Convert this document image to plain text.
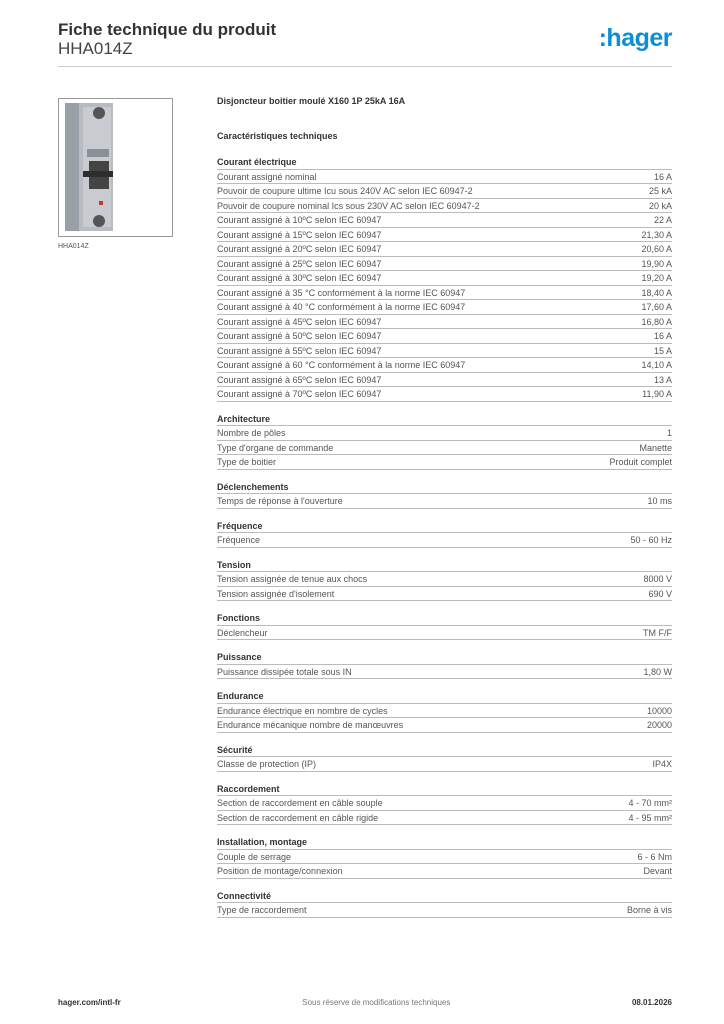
Fiche technique du produit
HHA014Z	:hager
HHA014Z
Disjoncteur boitier moulé X160 1P 25kA 16A
Caractéristiques techniques
Courant électrique
Courant assigné nominal	16 A
Pouvoir de coupure ultime Icu sous 240V AC selon IEC 60947-2	25 kA
Pouvoir de coupure nominal Ics sous 230V AC selon IEC 60947-2	20 kA
Courant assigné à 10ºC selon IEC 60947	22 A
Courant assigné à 15ºC selon IEC 60947	21,30 A
Courant assigné à 20ºC selon IEC 60947	20,60 A
Courant assigné à 25ºC selon IEC 60947	19,90 A
Courant assigné à 30ºC selon IEC 60947	19,20 A
Courant assigné à 35 °C conformément à la norme IEC 60947	18,40 A
Courant assigné à 40 °C conformément à la norme IEC 60947	17,60 A
Courant assigné à 45ºC selon IEC 60947	16,80 A
Courant assigné à 50ºC selon IEC 60947	16 A
Courant assigné à 55ºC selon IEC 60947	15 A
Courant assigné à 60 °C conformément à la norme IEC 60947	14,10 A
Courant assigné à 65ºC selon IEC 60947	13 A
Courant assigné à 70ºC selon IEC 60947	11,90 A
Architecture
Nombre de pôles	1
Type d'organe de commande	Manette
Type de boitier	Produit complet
Déclenchements
Temps de réponse à l'ouverture	10 ms
Fréquence
Fréquence	50 - 60 Hz
Tension
Tension assignée de tenue aux chocs	8000 V
Tension assignée d'isolement	690 V
Fonctions
Déclencheur	TM F/F
Puissance
Puissance dissipée totale sous IN	1,80 W
Endurance
Endurance électrique en nombre de cycles	10000
Endurance mécanique nombre de manœuvres	20000
Sécurité
Classe de protection (IP)	IP4X
Raccordement
Section de raccordement en câble souple	4 - 70 mm²
Section de raccordement en câble rigide	4 - 95 mm²
Installation, montage
Couple de serrage	6 - 6 Nm
Position de montage/connexion	Devant
Connectivité
Type de raccordement	Borne à vis
hager.com/intl-fr	Sous réserve de modifications techniques	08.01.2026
